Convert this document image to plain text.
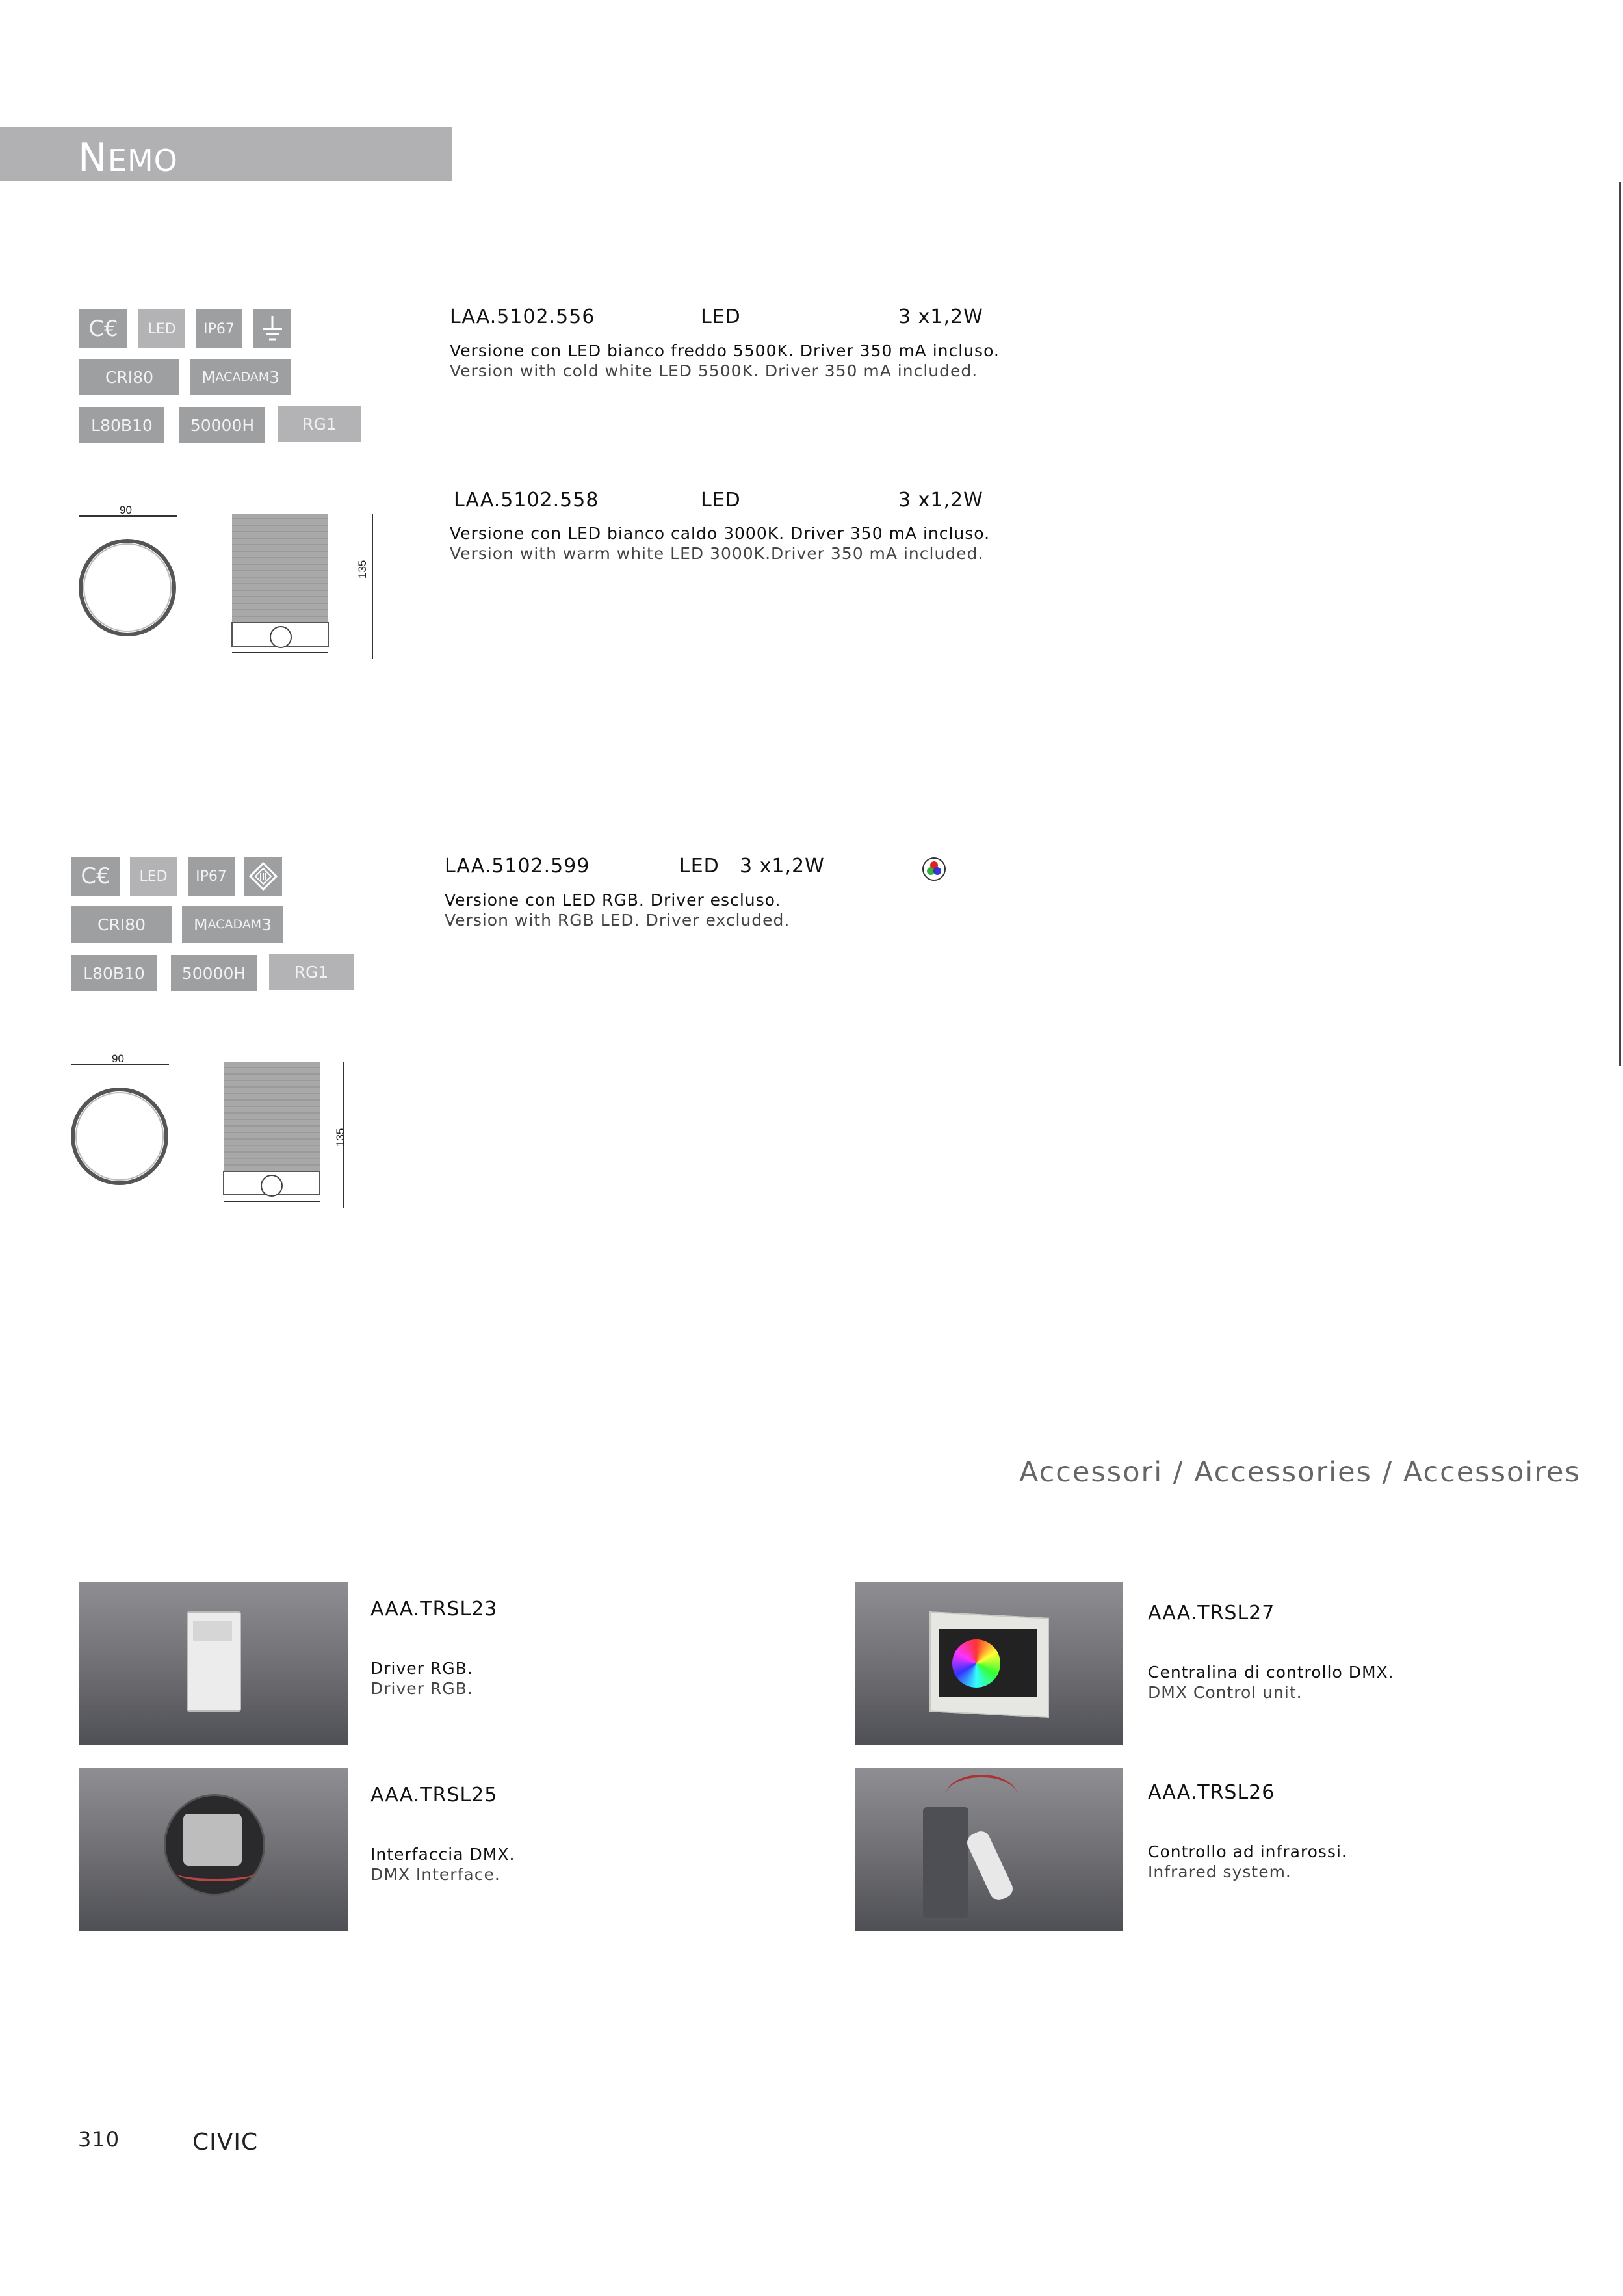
NEMO
C€	LED	IP67
CRI80	M ACADAM 3
L80B10	50000H	RG1
90
135
LAA.5102.556	LED	3 x1,2W
Versione con LED bianco freddo 5500K. Driver 350 mA incluso.
Version with cold white LED 5500K. Driver 350 mA included.
LAA.5102.558	LED	3 x1,2W
Versione con LED bianco caldo 3000K. Driver 350 mA incluso.
Version with warm white LED 3000K.Driver 350 mA included.
C€	LED	IP67
CRI80	M ACADAM 3
L80B10	50000H	RG1
90
135
LAA.5102.599	LED 3 x1,2W
Versione con LED RGB. Driver escluso.
Version with RGB LED. Driver excluded.
Accessori / Accessories / Accessoires
AAA.TRSL23
Driver RGB.
Driver RGB.
AAA.TRSL27
Centralina di controllo DMX.
DMX Control unit.
AAA.TRSL25
Interfaccia DMX.
DMX Interface.
AAA.TRSL26
Controllo ad infrarossi.
Infrared system.
310	CIVIC
